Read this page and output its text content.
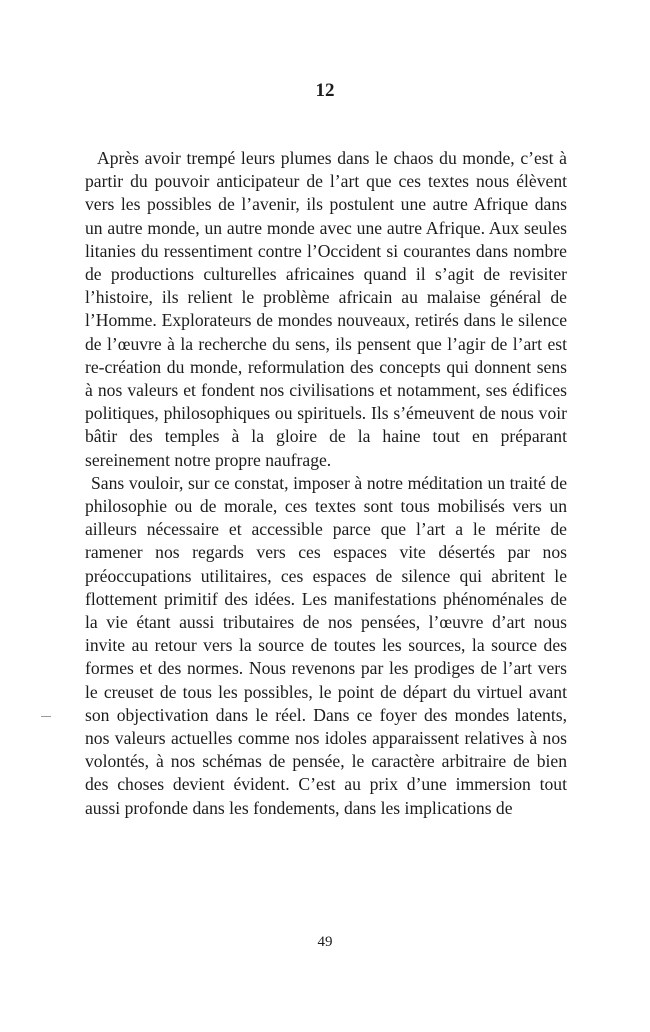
12

Après avoir trempé leurs plumes dans le chaos du monde, c’est à partir du pouvoir anticipateur de l’art que ces textes nous élèvent vers les possibles de l’avenir, ils postulent une autre Afrique dans un autre monde, un autre monde avec une autre Afrique. Aux seules litanies du ressentiment contre l’Occident si courantes dans nombre de productions culturelles africaines quand il s’agit de revisiter l’histoire, ils relient le problème africain au malaise général de l’Homme. Explorateurs de mondes nouveaux, retirés dans le silence de l’œuvre à la recherche du sens, ils pensent que l’agir de l’art est re-création du monde, reformulation des concepts qui donnent sens à nos valeurs et fondent nos civilisations et notamment, ses édifices politiques, philosophiques ou spirituels. Ils s’émeuvent de nous voir bâtir des temples à la gloire de la haine tout en préparant sereinement notre propre naufrage.

Sans vouloir, sur ce constat, imposer à notre méditation un traité de philosophie ou de morale, ces textes sont tous mobilisés vers un ailleurs nécessaire et accessible parce que l’art a le mérite de ramener nos regards vers ces espaces vite désertés par nos préoccupations utilitaires, ces espaces de silence qui abritent le flottement primitif des idées. Les manifestations phénoménales de la vie étant aussi tributaires de nos pensées, l’œuvre d’art nous invite au retour vers la source de toutes les sources, la source des formes et des normes. Nous revenons par les prodiges de l’art vers le creuset de tous les possibles, le point de départ du virtuel avant son objectivation dans le réel. Dans ce foyer des mondes latents, nos valeurs actuelles comme nos idoles apparaissent relatives à nos volontés, à nos schémas de pensée, le caractère arbitraire de bien des choses devient évident. C’est au prix d’une immersion tout aussi profonde dans les fondements, dans les implications de

49
